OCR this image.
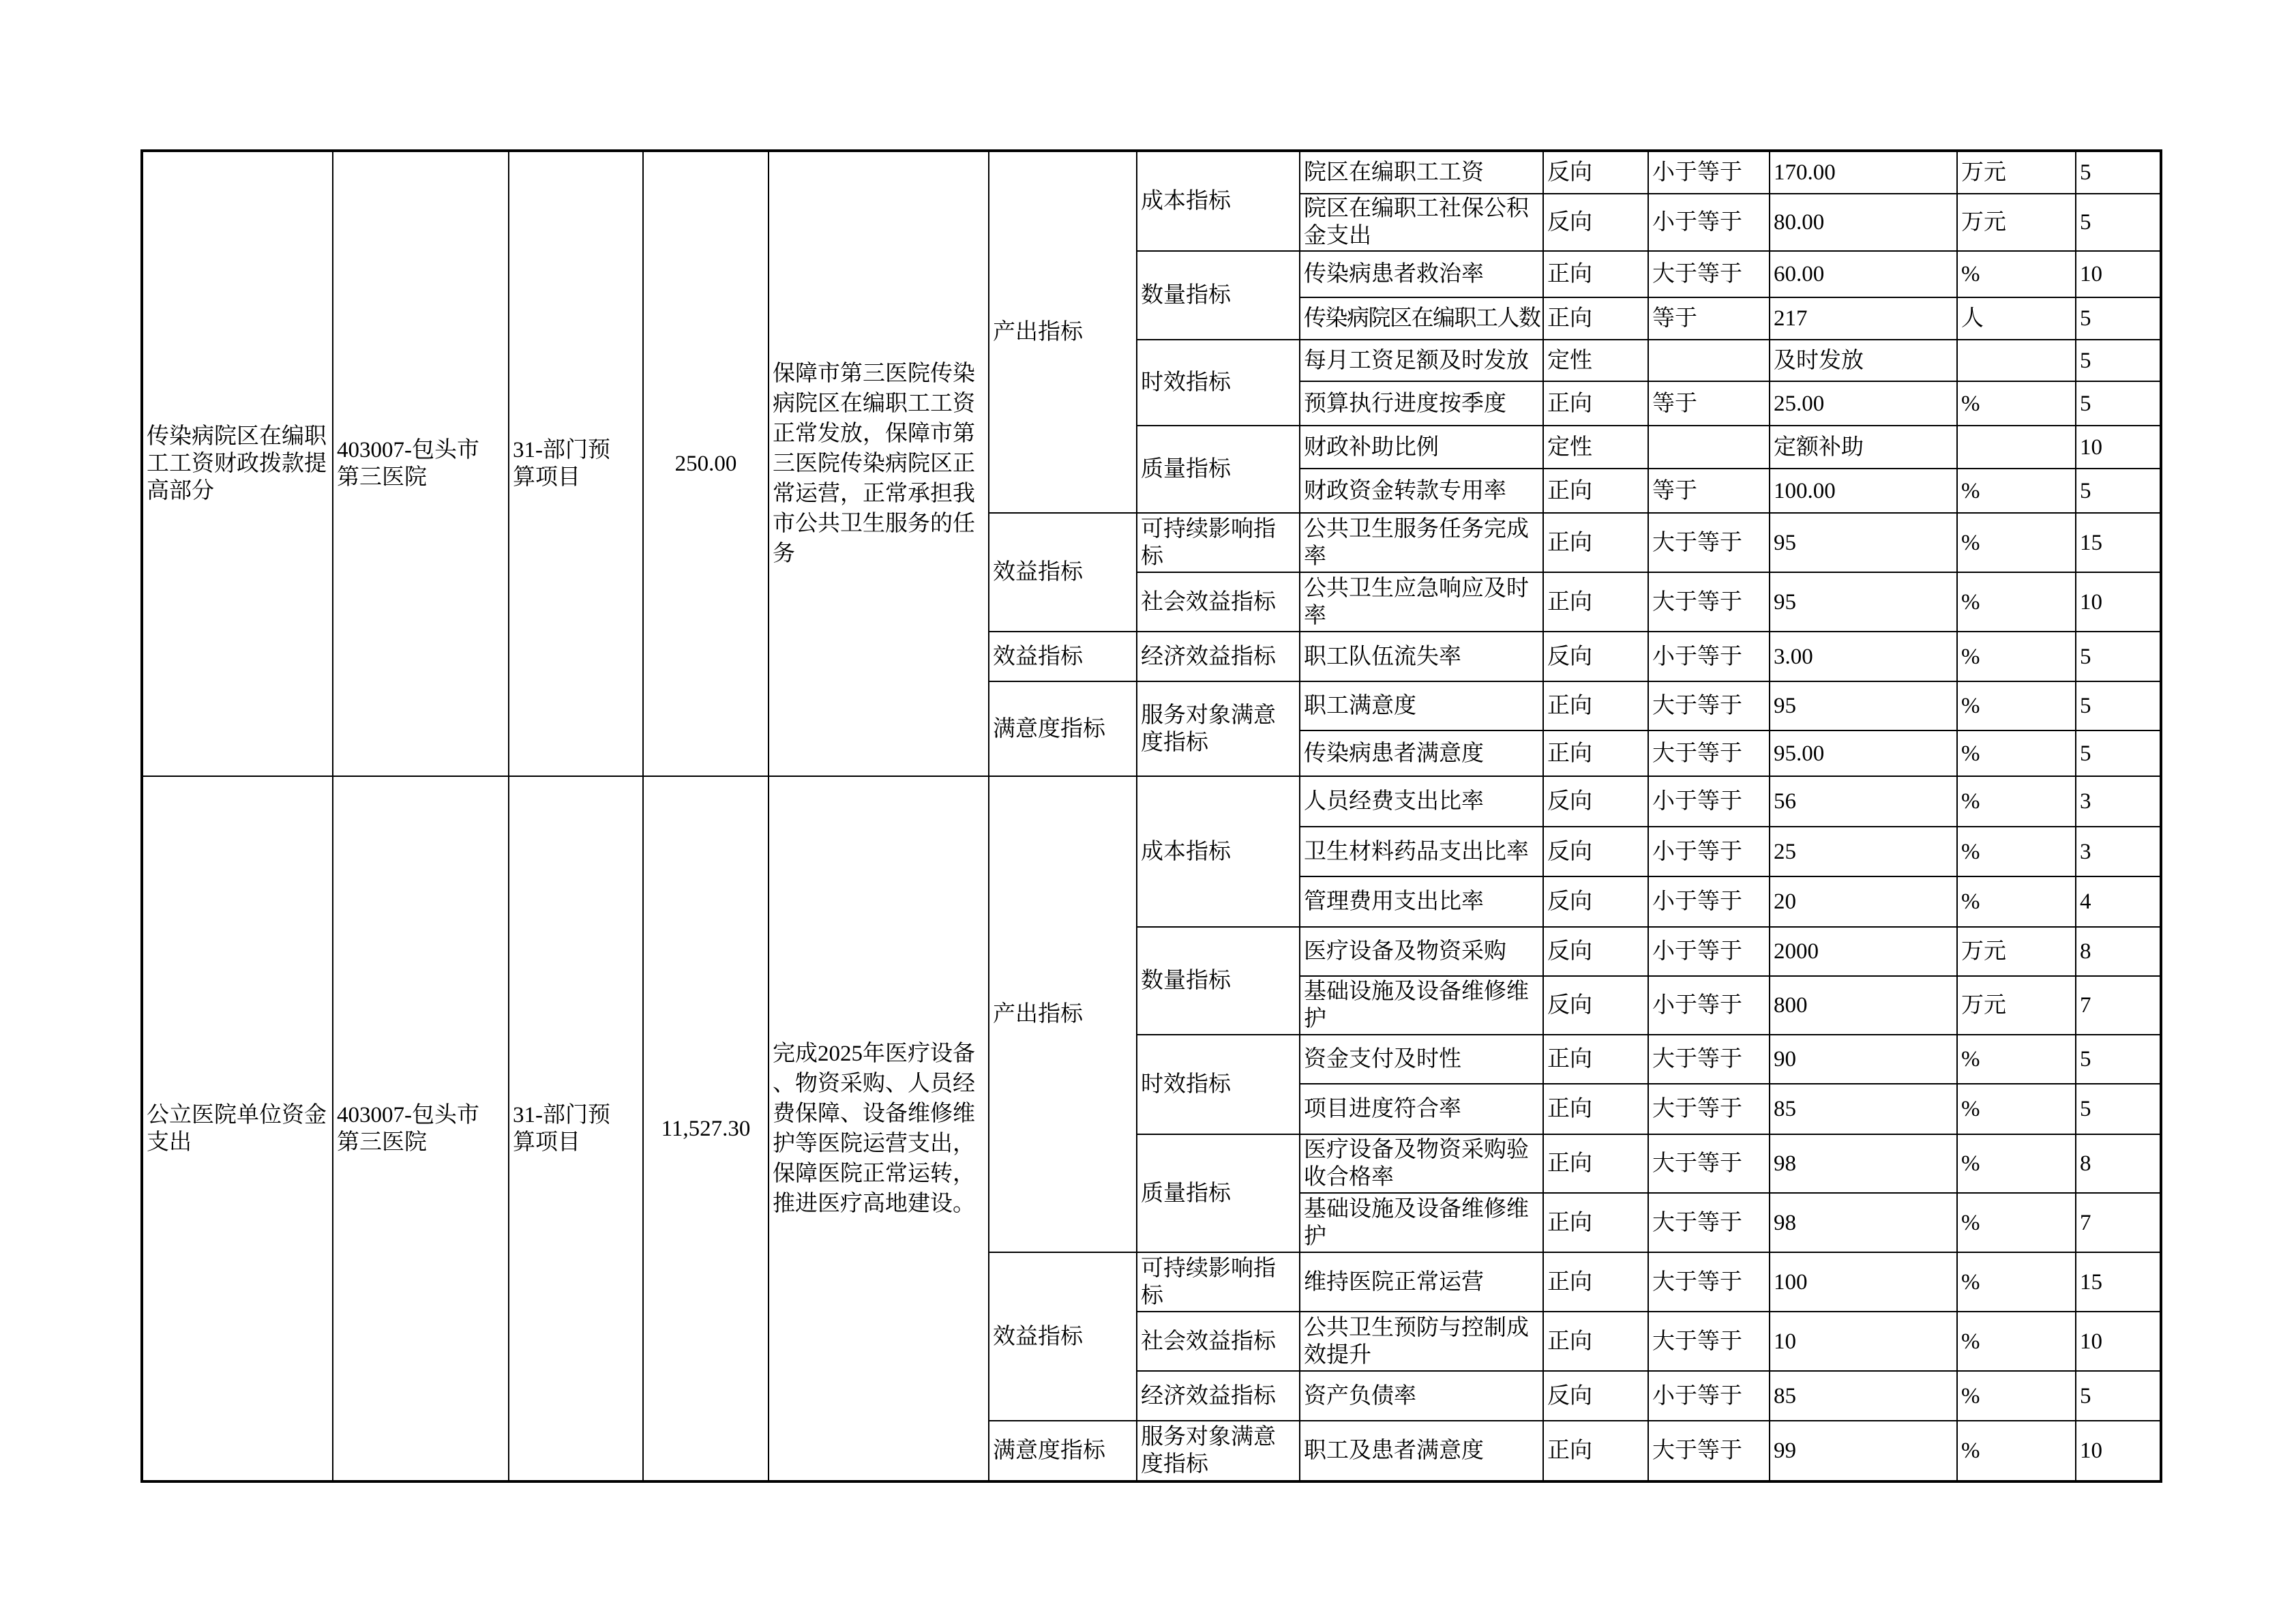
传染病院区在编职工工资财政拨款提高部分	403007-包头市第三医院	31-部门预算项目	250.00	保障市第三医院传染病院区在编职工工资正常发放，保障市第三医院传染病院区正常运营，正常承担我市公共卫生服务的任务	产出指标	成本指标	院区在编职工工资	反向	小于等于	170.00	万元	5

							院区在编职工社保公积金支出	反向	小于等于	80.00	万元	5

						数量指标	传染病患者救治率	正向	大于等于	60.00	%	10

							传染病院区在编职工人数	正向	等于	217	人	5

						时效指标	每月工资足额及时发放	定性		及时发放		5

							预算执行进度按季度	正向	等于	25.00	%	5

						质量指标	财政补助比例	定性		定额补助		10

							财政资金转款专用率	正向	等于	100.00	%	5

					效益指标	可持续影响指标	公共卫生服务任务完成率	正向	大于等于	95	%	15

						社会效益指标	公共卫生应急响应及时率	正向	大于等于	95	%	10

					效益指标	经济效益指标	职工队伍流失率	反向	小于等于	3.00	%	5

					满意度指标	服务对象满意度指标	职工满意度	正向	大于等于	95	%	5

							传染病患者满意度	正向	大于等于	95.00	%	5

公立医院单位资金支出	403007-包头市第三医院	31-部门预算项目	11,527.30	完成2025年医疗设备、物资采购、人员经费保障、设备维修维护等医院运营支出，保障医院正常运转，推进医疗高地建设。	产出指标	成本指标	人员经费支出比率	反向	小于等于	56	%	3

							卫生材料药品支出比率	反向	小于等于	25	%	3

							管理费用支出比率	反向	小于等于	20	%	4

						数量指标	医疗设备及物资采购	反向	小于等于	2000	万元	8

							基础设施及设备维修维护	反向	小于等于	800	万元	7

						时效指标	资金支付及时性	正向	大于等于	90	%	5

							项目进度符合率	正向	大于等于	85	%	5

						质量指标	医疗设备及物资采购验收合格率	正向	大于等于	98	%	8

							基础设施及设备维修维护	正向	大于等于	98	%	7

					效益指标	可持续影响指标	维持医院正常运营	正向	大于等于	100	%	15

						社会效益指标	公共卫生预防与控制成效提升	正向	大于等于	10	%	10

						经济效益指标	资产负债率	反向	小于等于	85	%	5

					满意度指标	服务对象满意度指标	职工及患者满意度	正向	大于等于	99	%	10
